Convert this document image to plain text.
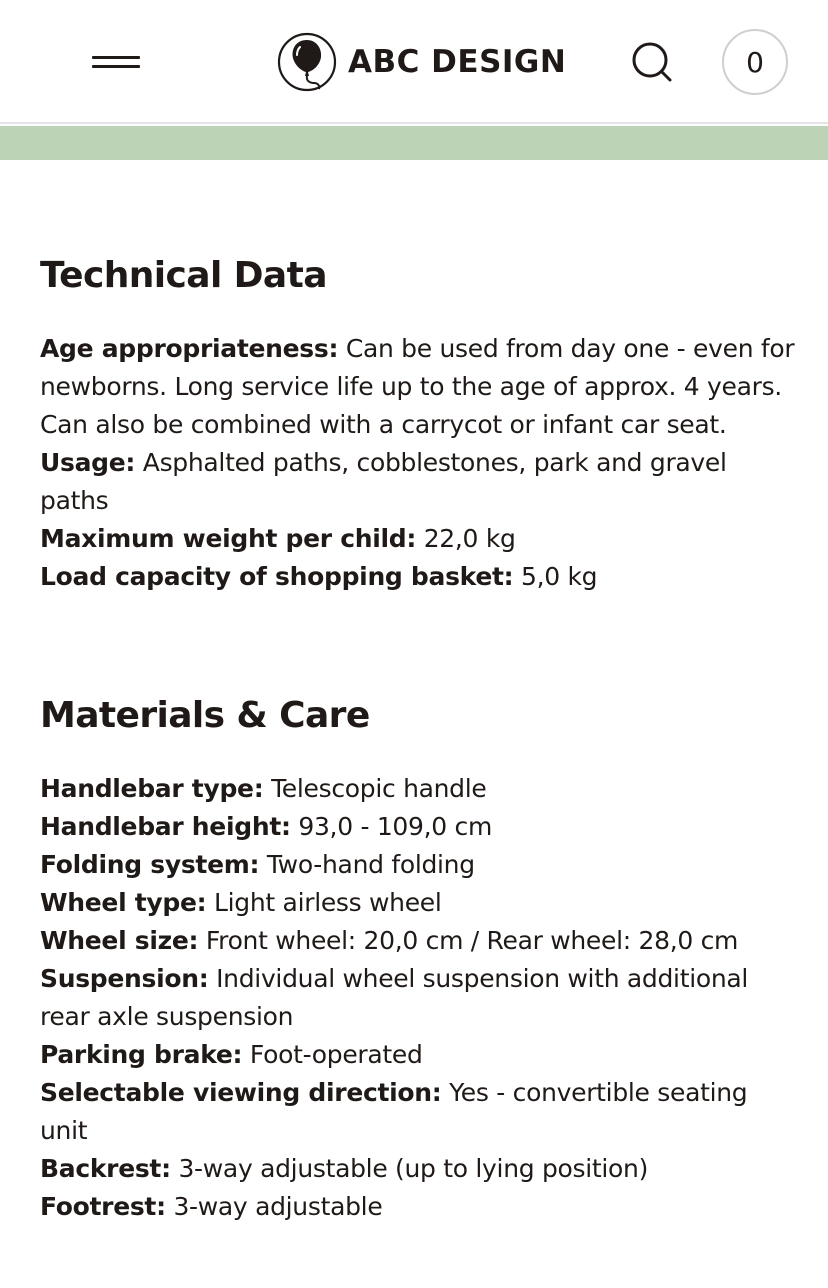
ABC DESIGN	0
Technical Data
Age appropriateness: Can be used from day one - even for newborns. Long service life up to the age of approx. 4 years. Can also be combined with a carrycot or infant car seat.
Usage: Asphalted paths, cobblestones, park and gravel paths
Maximum weight per child: 22,0 kg
Load capacity of shopping basket: 5,0 kg
Materials & Care
Handlebar type: Telescopic handle
Handlebar height: 93,0 - 109,0 cm
Folding system: Two-hand folding
Wheel type: Light airless wheel
Wheel size: Front wheel: 20,0 cm / Rear wheel: 28,0 cm
Suspension: Individual wheel suspension with additional rear axle suspension
Parking brake: Foot-operated
Selectable viewing direction: Yes - convertible seating unit
Backrest: 3-way adjustable (up to lying position)
Footrest: 3-way adjustable
